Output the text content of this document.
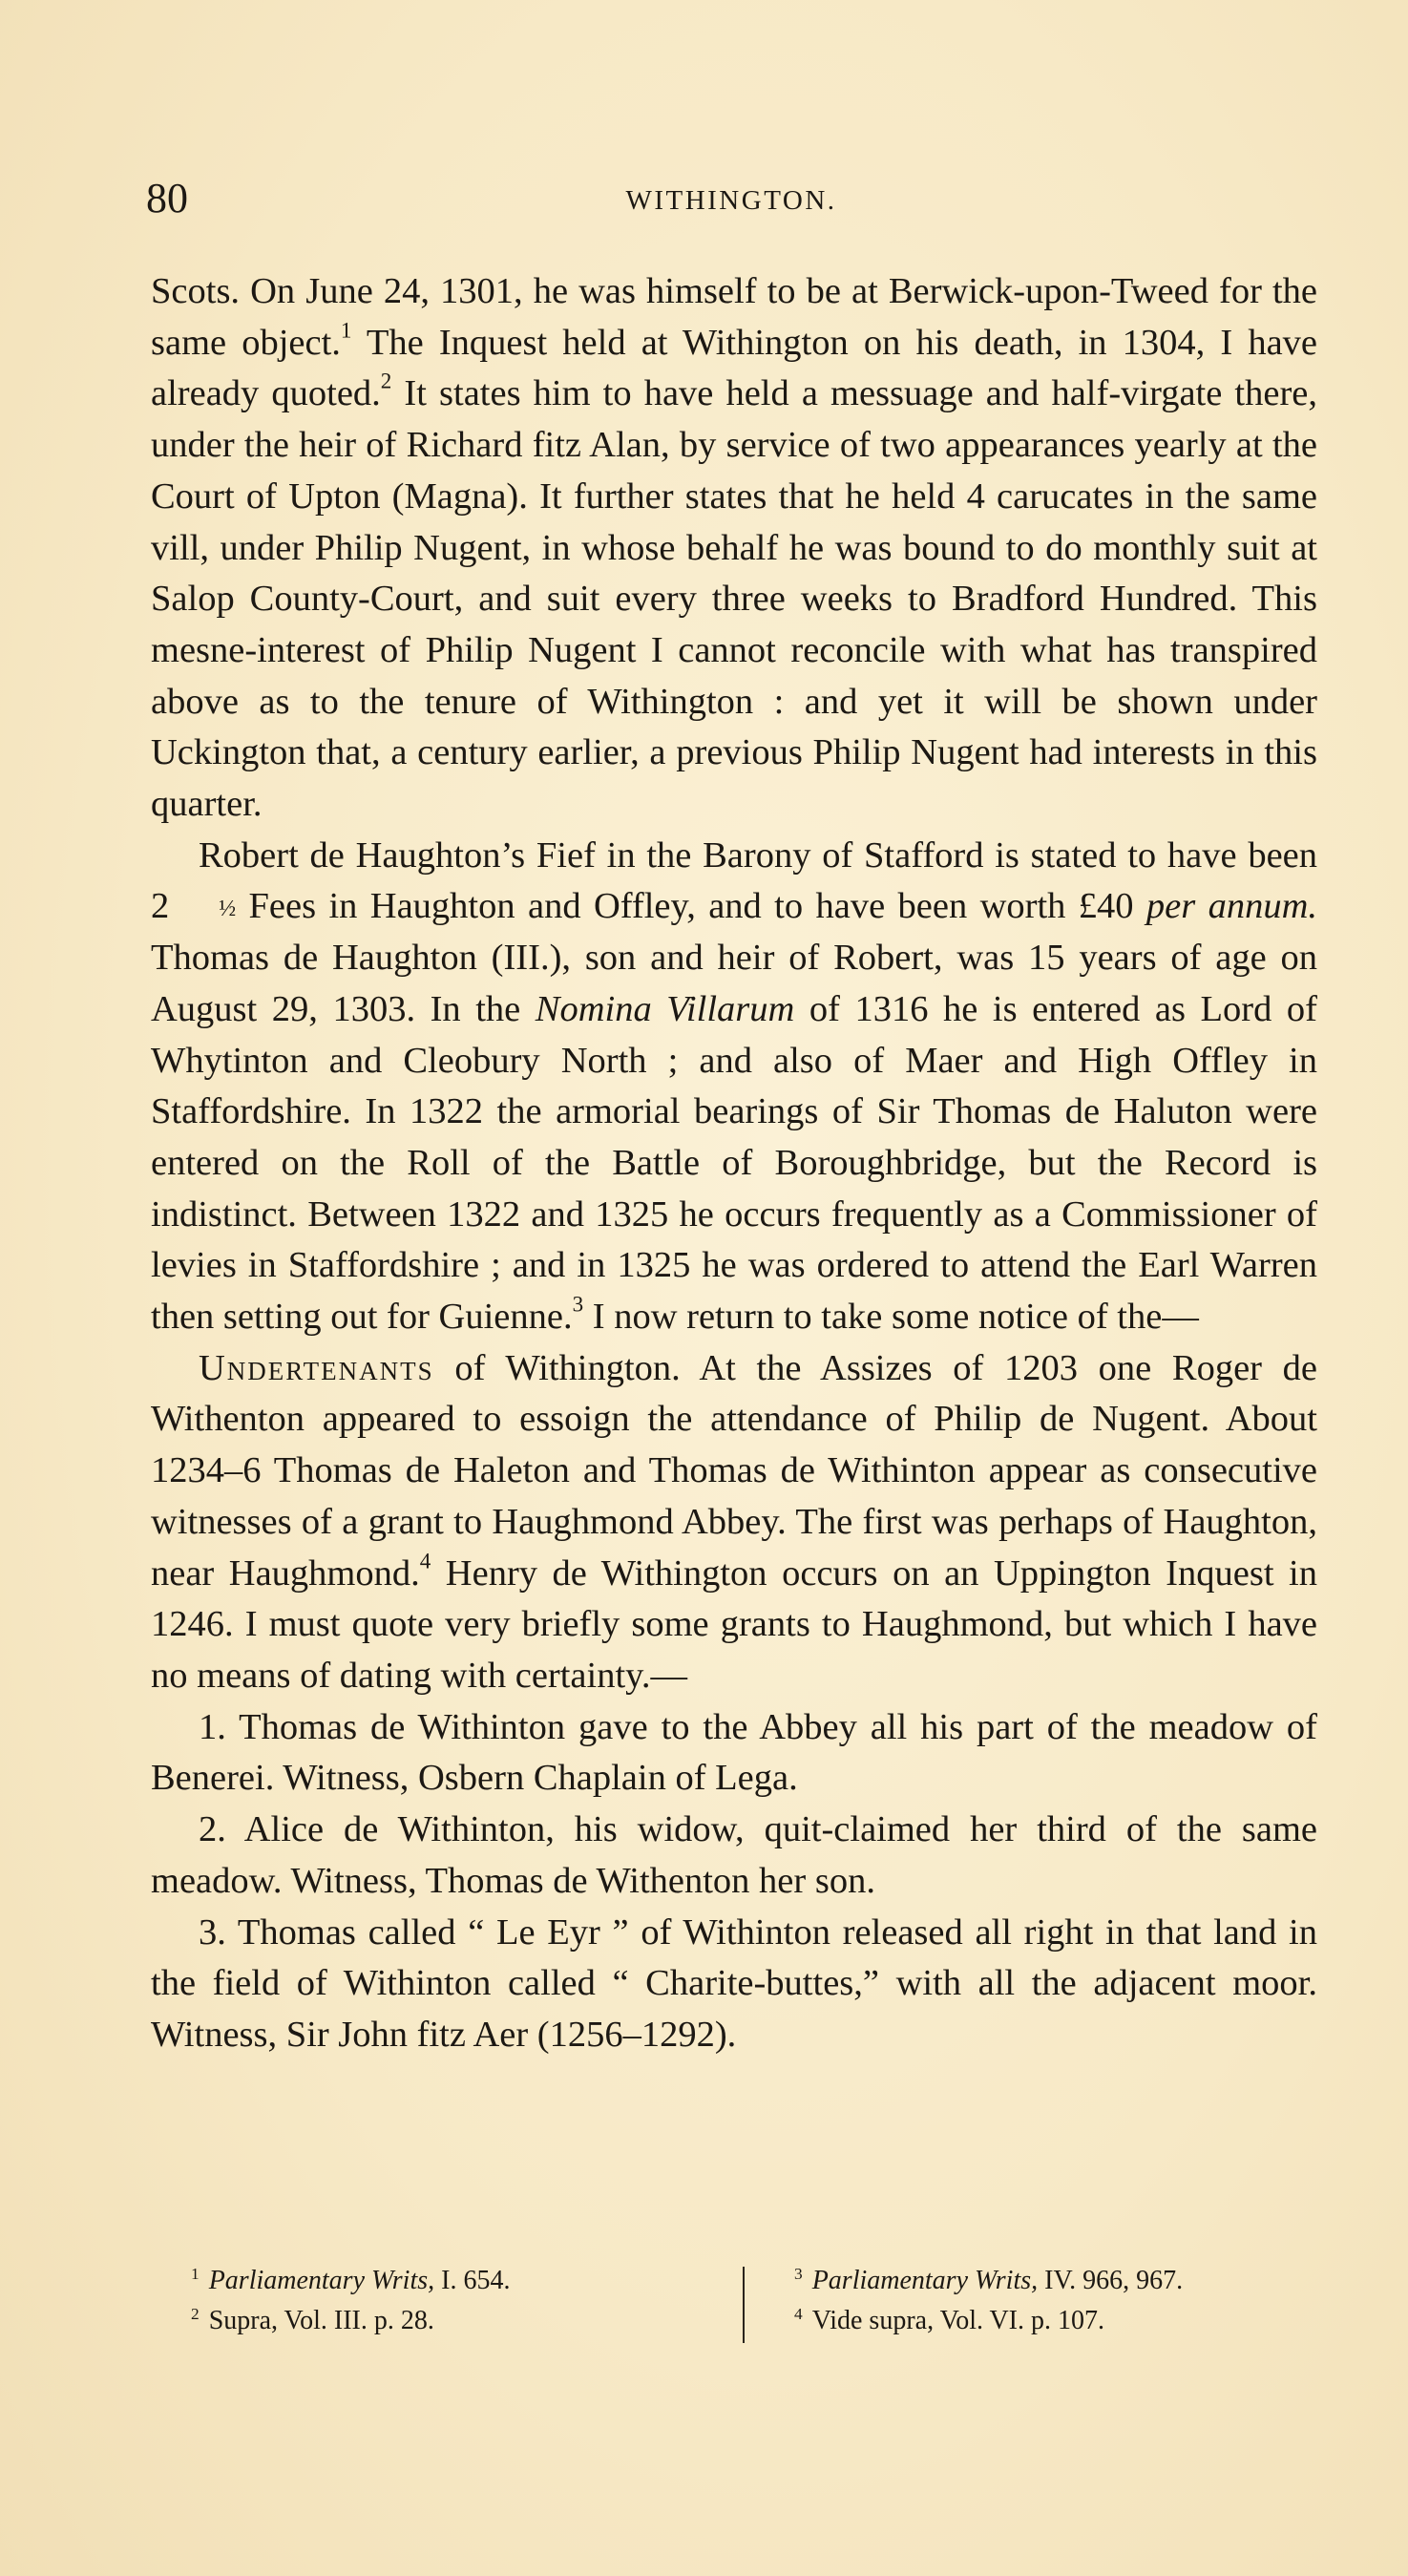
80	WITHINGTON.

Scots. On June 24, 1301, he was himself to be at Berwick-upon-Tweed for the same object.$^1$ The Inquest held at Withington on his death, in 1304, I have already quoted.$^2$ It states him to have held a messuage and half-virgate there, under the heir of Richard fitz Alan, by service of two appearances yearly at the Court of Upton (Magna). It further states that he held 4 carucates in the same vill, under Philip Nugent, in whose behalf he was bound to do monthly suit at Salop County-Court, and suit every three weeks to Bradford Hundred. This mesne-interest of Philip Nugent I cannot reconcile with what has transpired above as to the tenure of Withington : and yet it will be shown under Uckington that, a century earlier, a previous Philip Nugent had interests in this quarter.

Robert de Haughton’s Fief in the Barony of Stafford is stated to have been 2 ½ Fees in Haughton and Offley, and to have been worth £40 per annum. Thomas de Haughton (III.), son and heir of Robert, was 15 years of age on August 29, 1303. In the Nomina Villarum of 1316 he is entered as Lord of Whytinton and Cleobury North ; and also of Maer and High Offley in Staffordshire. In 1322 the armorial bearings of Sir Thomas de Haluton were entered on the Roll of the Battle of Boroughbridge, but the Record is indistinct. Between 1322 and 1325 he occurs frequently as a Commissioner of levies in Staffordshire ; and in 1325 he was ordered to attend the Earl Warren then setting out for Guienne.$^3$ I now return to take some notice of the—

Undertenants of Withington. At the Assizes of 1203 one Roger de Withenton appeared to essoign the attendance of Philip de Nugent. About 1234–6 Thomas de Haleton and Thomas de Withinton appear as consecutive witnesses of a grant to Haughmond Abbey. The first was perhaps of Haughton, near Haughmond.$^4$ Henry de Withington occurs on an Uppington Inquest in 1246. I must quote very briefly some grants to Haughmond, but which I have no means of dating with certainty.—

1. Thomas de Withinton gave to the Abbey all his part of the meadow of Benerei. Witness, Osbern Chaplain of Lega.

2. Alice de Withinton, his widow, quit-claimed her third of the same meadow. Witness, Thomas de Withenton her son.

3. Thomas called “ Le Eyr ” of Withinton released all right in that land in the field of Withinton called “ Charite-buttes,” with all the adjacent moor. Witness, Sir John fitz Aer (1256–1292).

$^1$ Parliamentary Writs, I. 654.
$^2$ Supra, Vol. III. p. 28.
$^3$ Parliamentary Writs, IV. 966, 967.
$^4$ Vide supra, Vol. VI. p. 107.
